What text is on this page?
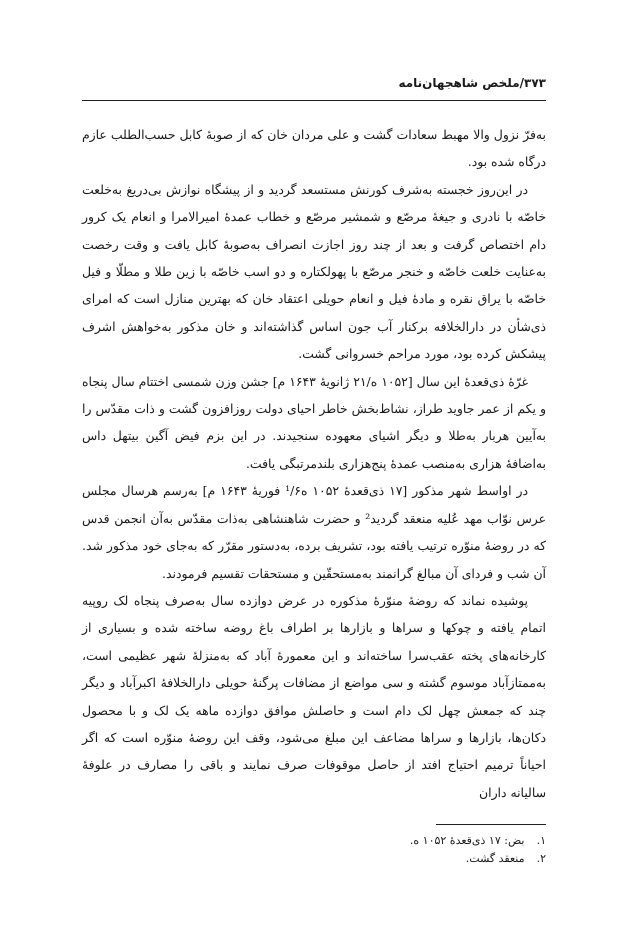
۳۷۳/ملخص شاهجهان‌نامه

به‌فرّ نزول والا مهبط سعادات گشت و علی مردان خان که از صوبهٔ کابل حسب‌الطلب عازم درگاه شده بود.

در این‌روز خجسته به‌شرف کورنش مستسعد گردید و از پیشگاه نوازش بی‌دریغ به‌خلعت خاصّه با نادری و جیغهٔ مرصّع و شمشیر مرصّع و خطاب عمدهٔ امیرالامرا و انعام یک کرور دام اختصاص گرفت و بعد از چند روز اجازت انصراف به‌صوبهٔ کابل یافت و وقت رخصت به‌عنایت خلعت خاصّه و خنجر مرصّع با پهولکتاره و دو اسب خاصّه با زین طلا و مطلّا و فیل خاصّه با یراق نقره و مادهٔ فیل و انعام حویلی اعتقاد خان که بهترین منازل است که امرای ذی‌شأن در دارالخلافه برکنار آب جون اساس گذاشته‌اند و خان مذکور به‌خواهش اشرف پیشکش کرده بود، مورد مراحم خسروانی گشت.

غرّهٔ ذی‌قعدهٔ این سال [۱۰۵۲ ه/۲۱ ژانویهٔ ۱۶۴۳ م] جشن وزن شمسی اختتام سال پنجاه و یکم از عمر جاوید طراز، نشاط‌بخش خاطر احیای دولت روزافزون گشت و ذات مقدّس را به‌آیین هربار به‌طلا و دیگر اشیای معهوده سنجیدند. در این بزم فیض آگین بیتهل داس به‌اضافهٔ هزاری به‌منصب عمدهٔ پنج‌هزاری بلندمرتبگی یافت.

در اواسط شهر مذکور [۱۷ ذی‌قعدهٔ ۱۰۵۲ ه¹/۶ فوریهٔ ۱۶۴۳ م] به‌رسم هرسال مجلس عرس نوّاب مهد عُلیه منعقد گردید² و حضرت شاهنشاهی به‌ذات مقدّس به‌آن انجمن قدس که در روضهٔ منوّره ترتیب یافته بود، تشریف برده، به‌دستور مقرّر که به‌جای خود مذکور شد. آن شب و فردای آن مبالغ گرانمند به‌مستحقّین و مستحقات تقسیم فرمودند.

پوشیده نماند که روضهٔ منوّرهٔ مذکوره در عرض دوازده سال به‌صرف پنجاه لک روپیه اتمام یافته و چوکها و سراها و بازارها بر اطراف باغ روضه ساخته شده و بسیاری از کارخانه‌های پخته عقب‌سرا ساخته‌اند و این معمورهٔ آباد که به‌منزلهٔ شهر عظیمی است، به‌ممتازآباد موسوم گشته و سی مواضع از مضافات پرگنهٔ حویلی دارالخلافهٔ اکبرآباد و دیگر چند که جمعش چهل لک دام است و حاصلش موافق دوازده ماهه یک لک و با محصول دکان‌ها، بازارها و سراها مضاعف این مبلغ می‌شود، وقف این روضهٔ منوّره است که اگر احیاناً ترمیم احتیاج افتد از حاصل موقوفات صرف نمایند و باقی را مصارف در علوفهٔ سالیانه داران

۱. بض: ۱۷ ذی‌قعدهٔ ۱۰۵۲ ه.
۲. منعقد گشت.
